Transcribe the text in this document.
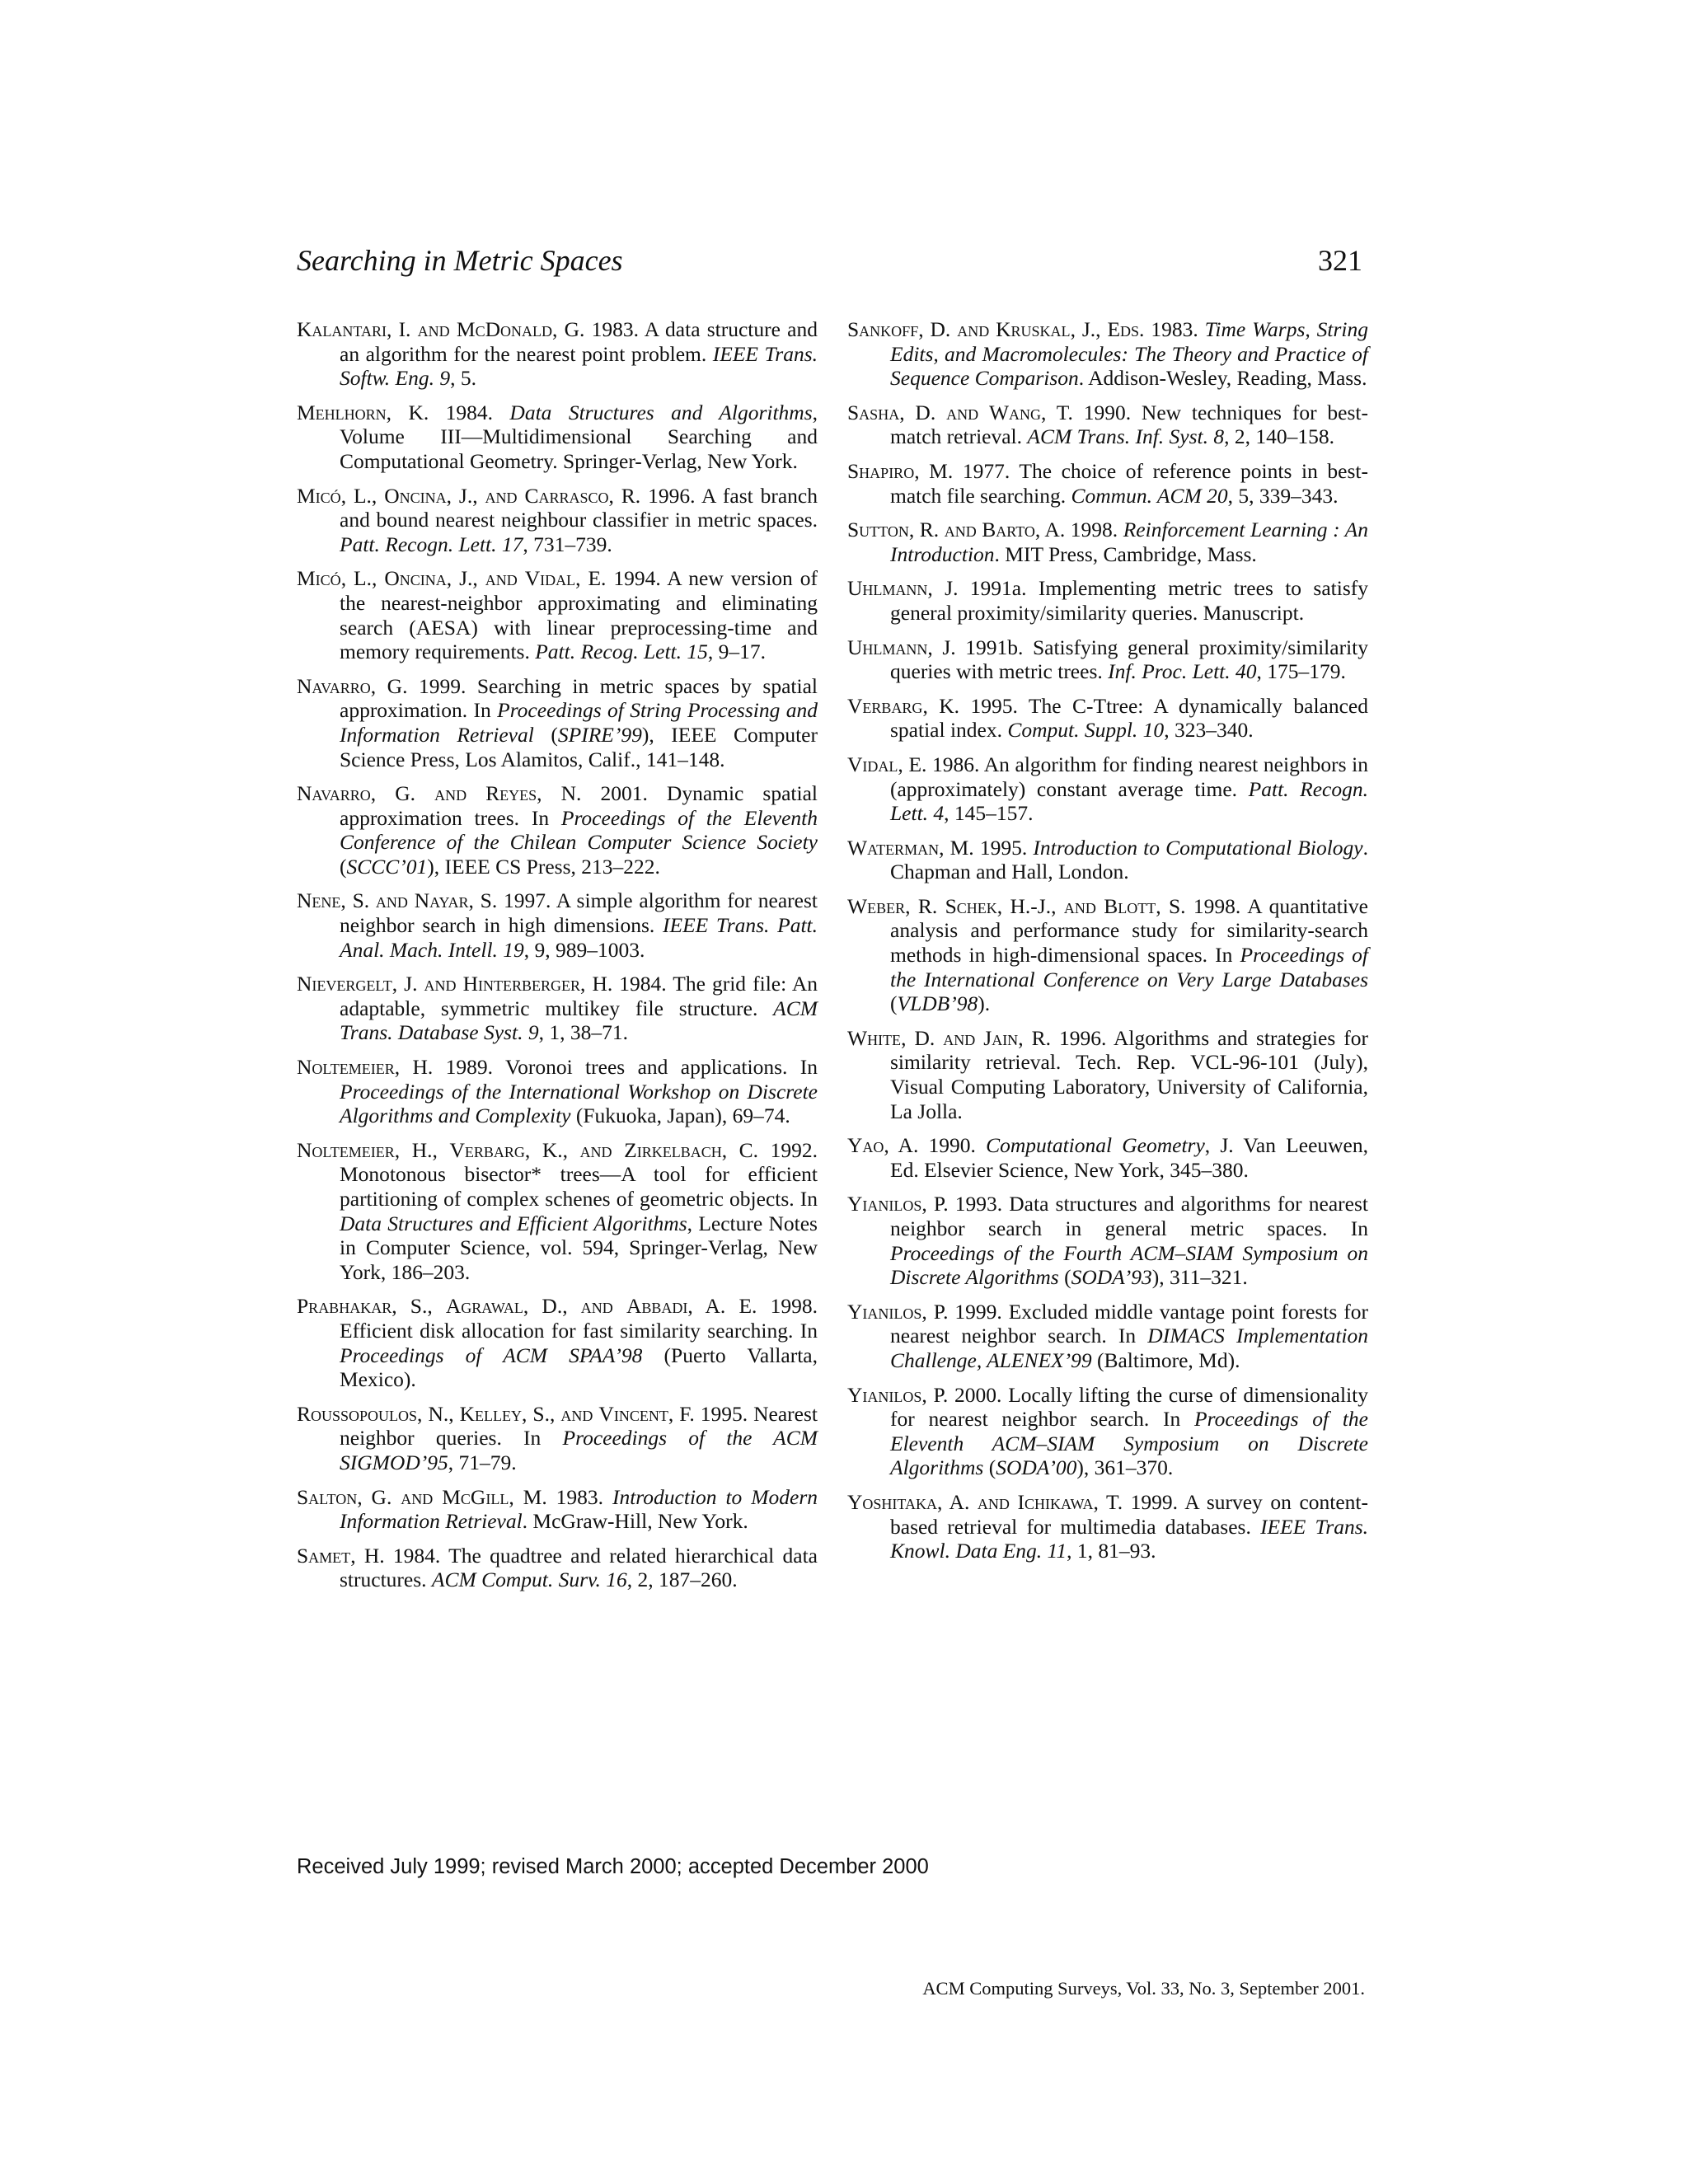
Searching in Metric Spaces	321

Kalantari, I. and McDonald, G. 1983. A data structure and an algorithm for the nearest point problem. IEEE Trans. Softw. Eng. 9, 5.

Mehlhorn, K. 1984. Data Structures and Algorithms, Volume III—Multidimensional Searching and Computational Geometry. Springer-Verlag, New York.

Micó, L., Oncina, J., and Carrasco, R. 1996. A fast branch and bound nearest neighbour classifier in metric spaces. Patt. Recogn. Lett. 17, 731–739.

Micó, L., Oncina, J., and Vidal, E. 1994. A new version of the nearest-neighbor approximating and eliminating search (AESA) with linear preprocessing-time and memory requirements. Patt. Recog. Lett. 15, 9–17.

Navarro, G. 1999. Searching in metric spaces by spatial approximation. In Proceedings of String Processing and Information Retrieval (SPIRE’99), IEEE Computer Science Press, Los Alamitos, Calif., 141–148.

Navarro, G. and Reyes, N. 2001. Dynamic spatial approximation trees. In Proceedings of the Eleventh Conference of the Chilean Computer Science Society (SCCC’01), IEEE CS Press, 213–222.

Nene, S. and Nayar, S. 1997. A simple algorithm for nearest neighbor search in high dimensions. IEEE Trans. Patt. Anal. Mach. Intell. 19, 9, 989–1003.

Nievergelt, J. and Hinterberger, H. 1984. The grid file: An adaptable, symmetric multikey file structure. ACM Trans. Database Syst. 9, 1, 38–71.

Noltemeier, H. 1989. Voronoi trees and applications. In Proceedings of the International Workshop on Discrete Algorithms and Complexity (Fukuoka, Japan), 69–74.

Noltemeier, H., Verbarg, K., and Zirkelbach, C. 1992. Monotonous bisector* trees—A tool for efficient partitioning of complex schenes of geometric objects. In Data Structures and Efficient Algorithms, Lecture Notes in Computer Science, vol. 594, Springer-Verlag, New York, 186–203.

Prabhakar, S., Agrawal, D., and Abbadi, A. E. 1998. Efficient disk allocation for fast similarity searching. In Proceedings of ACM SPAA’98 (Puerto Vallarta, Mexico).

Roussopoulos, N., Kelley, S., and Vincent, F. 1995. Nearest neighbor queries. In Proceedings of the ACM SIGMOD’95, 71–79.

Salton, G. and McGill, M. 1983. Introduction to Modern Information Retrieval. McGraw-Hill, New York.

Samet, H. 1984. The quadtree and related hierarchical data structures. ACM Comput. Surv. 16, 2, 187–260.

Sankoff, D. and Kruskal, J., Eds. 1983. Time Warps, String Edits, and Macromolecules: The Theory and Practice of Sequence Comparison. Addison-Wesley, Reading, Mass.

Sasha, D. and Wang, T. 1990. New techniques for best-match retrieval. ACM Trans. Inf. Syst. 8, 2, 140–158.

Shapiro, M. 1977. The choice of reference points in best-match file searching. Commun. ACM 20, 5, 339–343.

Sutton, R. and Barto, A. 1998. Reinforcement Learning : An Introduction. MIT Press, Cambridge, Mass.

Uhlmann, J. 1991a. Implementing metric trees to satisfy general proximity/similarity queries. Manuscript.

Uhlmann, J. 1991b. Satisfying general proximity/similarity queries with metric trees. Inf. Proc. Lett. 40, 175–179.

Verbarg, K. 1995. The C-Ttree: A dynamically balanced spatial index. Comput. Suppl. 10, 323–340.

Vidal, E. 1986. An algorithm for finding nearest neighbors in (approximately) constant average time. Patt. Recogn. Lett. 4, 145–157.

Waterman, M. 1995. Introduction to Computational Biology. Chapman and Hall, London.

Weber, R. Schek, H.-J., and Blott, S. 1998. A quantitative analysis and performance study for similarity-search methods in high-dimensional spaces. In Proceedings of the International Conference on Very Large Databases (VLDB’98).

White, D. and Jain, R. 1996. Algorithms and strategies for similarity retrieval. Tech. Rep. VCL-96-101 (July), Visual Computing Laboratory, University of California, La Jolla.

Yao, A. 1990. Computational Geometry, J. Van Leeuwen, Ed. Elsevier Science, New York, 345–380.

Yianilos, P. 1993. Data structures and algorithms for nearest neighbor search in general metric spaces. In Proceedings of the Fourth ACM–SIAM Symposium on Discrete Algorithms (SODA’93), 311–321.

Yianilos, P. 1999. Excluded middle vantage point forests for nearest neighbor search. In DIMACS Implementation Challenge, ALENEX’99 (Baltimore, Md).

Yianilos, P. 2000. Locally lifting the curse of dimensionality for nearest neighbor search. In Proceedings of the Eleventh ACM–SIAM Symposium on Discrete Algorithms (SODA’00), 361–370.

Yoshitaka, A. and Ichikawa, T. 1999. A survey on content-based retrieval for multimedia databases. IEEE Trans. Knowl. Data Eng. 11, 1, 81–93.

Received July 1999; revised March 2000; accepted December 2000
ACM Computing Surveys, Vol. 33, No. 3, September 2001.
